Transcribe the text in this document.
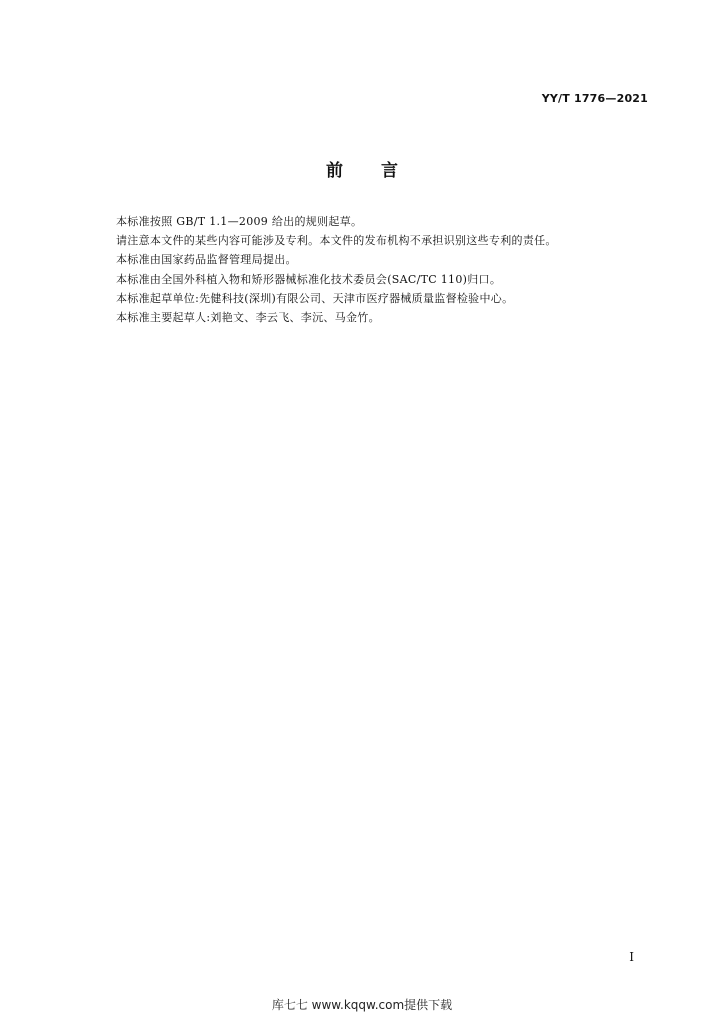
YY/T 1776—2021
前言
本标准按照 GB/T 1.1—2009 给出的规则起草。
请注意本文件的某些内容可能涉及专利。本文件的发布机构不承担识别这些专利的责任。
本标准由国家药品监督管理局提出。
本标准由全国外科植入物和矫形器械标准化技术委员会(SAC/TC 110)归口。
本标准起草单位:先健科技(深圳)有限公司、天津市医疗器械质量监督检验中心。
本标准主要起草人:刘艳文、李云飞、李沅、马金竹。
I
库七七 www.kqqw.com提供下载
